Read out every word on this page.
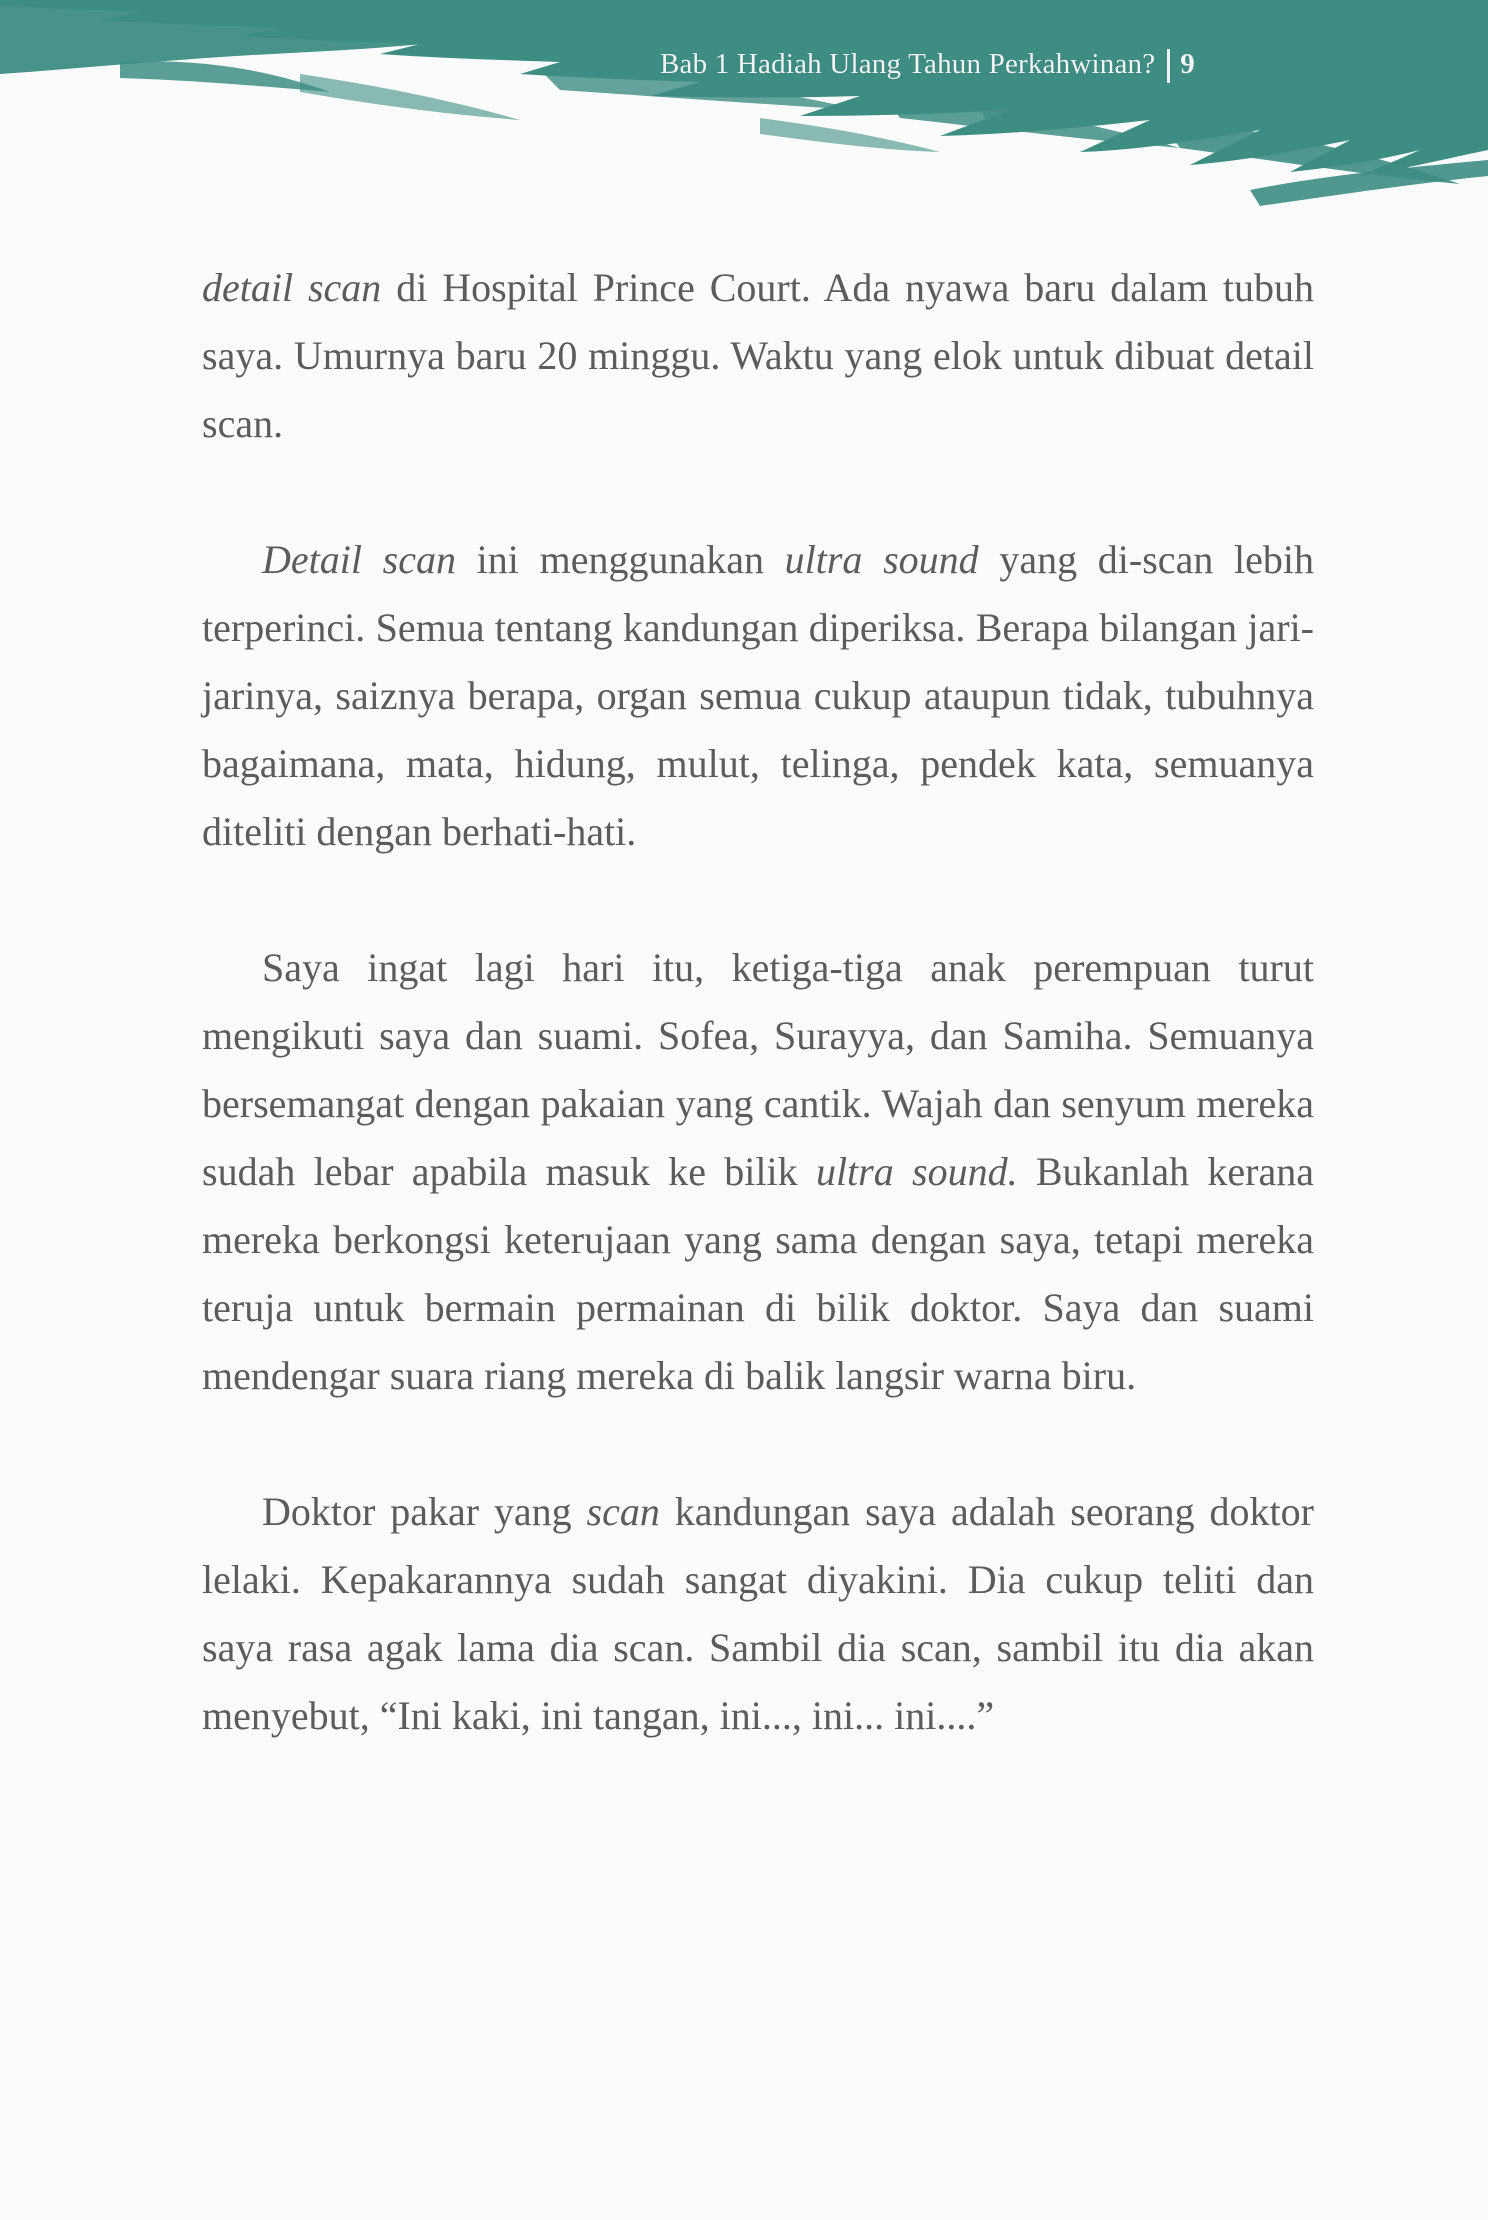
Bab 1 Hadiah Ulang Tahun Perkahwinan? 9

detail scan di Hospital Prince Court. Ada nyawa baru dalam tubuh saya. Umurnya baru 20 minggu. Waktu yang elok untuk dibuat detail scan.

Detail scan ini menggunakan ultra sound yang di-scan lebih terperinci. Semua tentang kandungan diperiksa. Berapa bilangan jari-jarinya, saiznya berapa, organ semua cukup ataupun tidak, tubuhnya bagaimana, mata, hidung, mulut, telinga, pendek kata, semuanya diteliti dengan berhati-hati.

Saya ingat lagi hari itu, ketiga-tiga anak perempuan turut mengikuti saya dan suami. Sofea, Surayya, dan Samiha. Semuanya bersemangat dengan pakaian yang cantik. Wajah dan senyum mereka sudah lebar apabila masuk ke bilik ultra sound. Bukanlah kerana mereka berkongsi keterujaan yang sama dengan saya, tetapi mereka teruja untuk bermain permainan di bilik doktor. Saya dan suami mendengar suara riang mereka di balik langsir warna biru.

Doktor pakar yang scan kandungan saya adalah seorang doktor lelaki. Kepakarannya sudah sangat diyakini. Dia cukup teliti dan saya rasa agak lama dia scan. Sambil dia scan, sambil itu dia akan menyebut, “Ini kaki, ini tangan, ini..., ini... ini....”
